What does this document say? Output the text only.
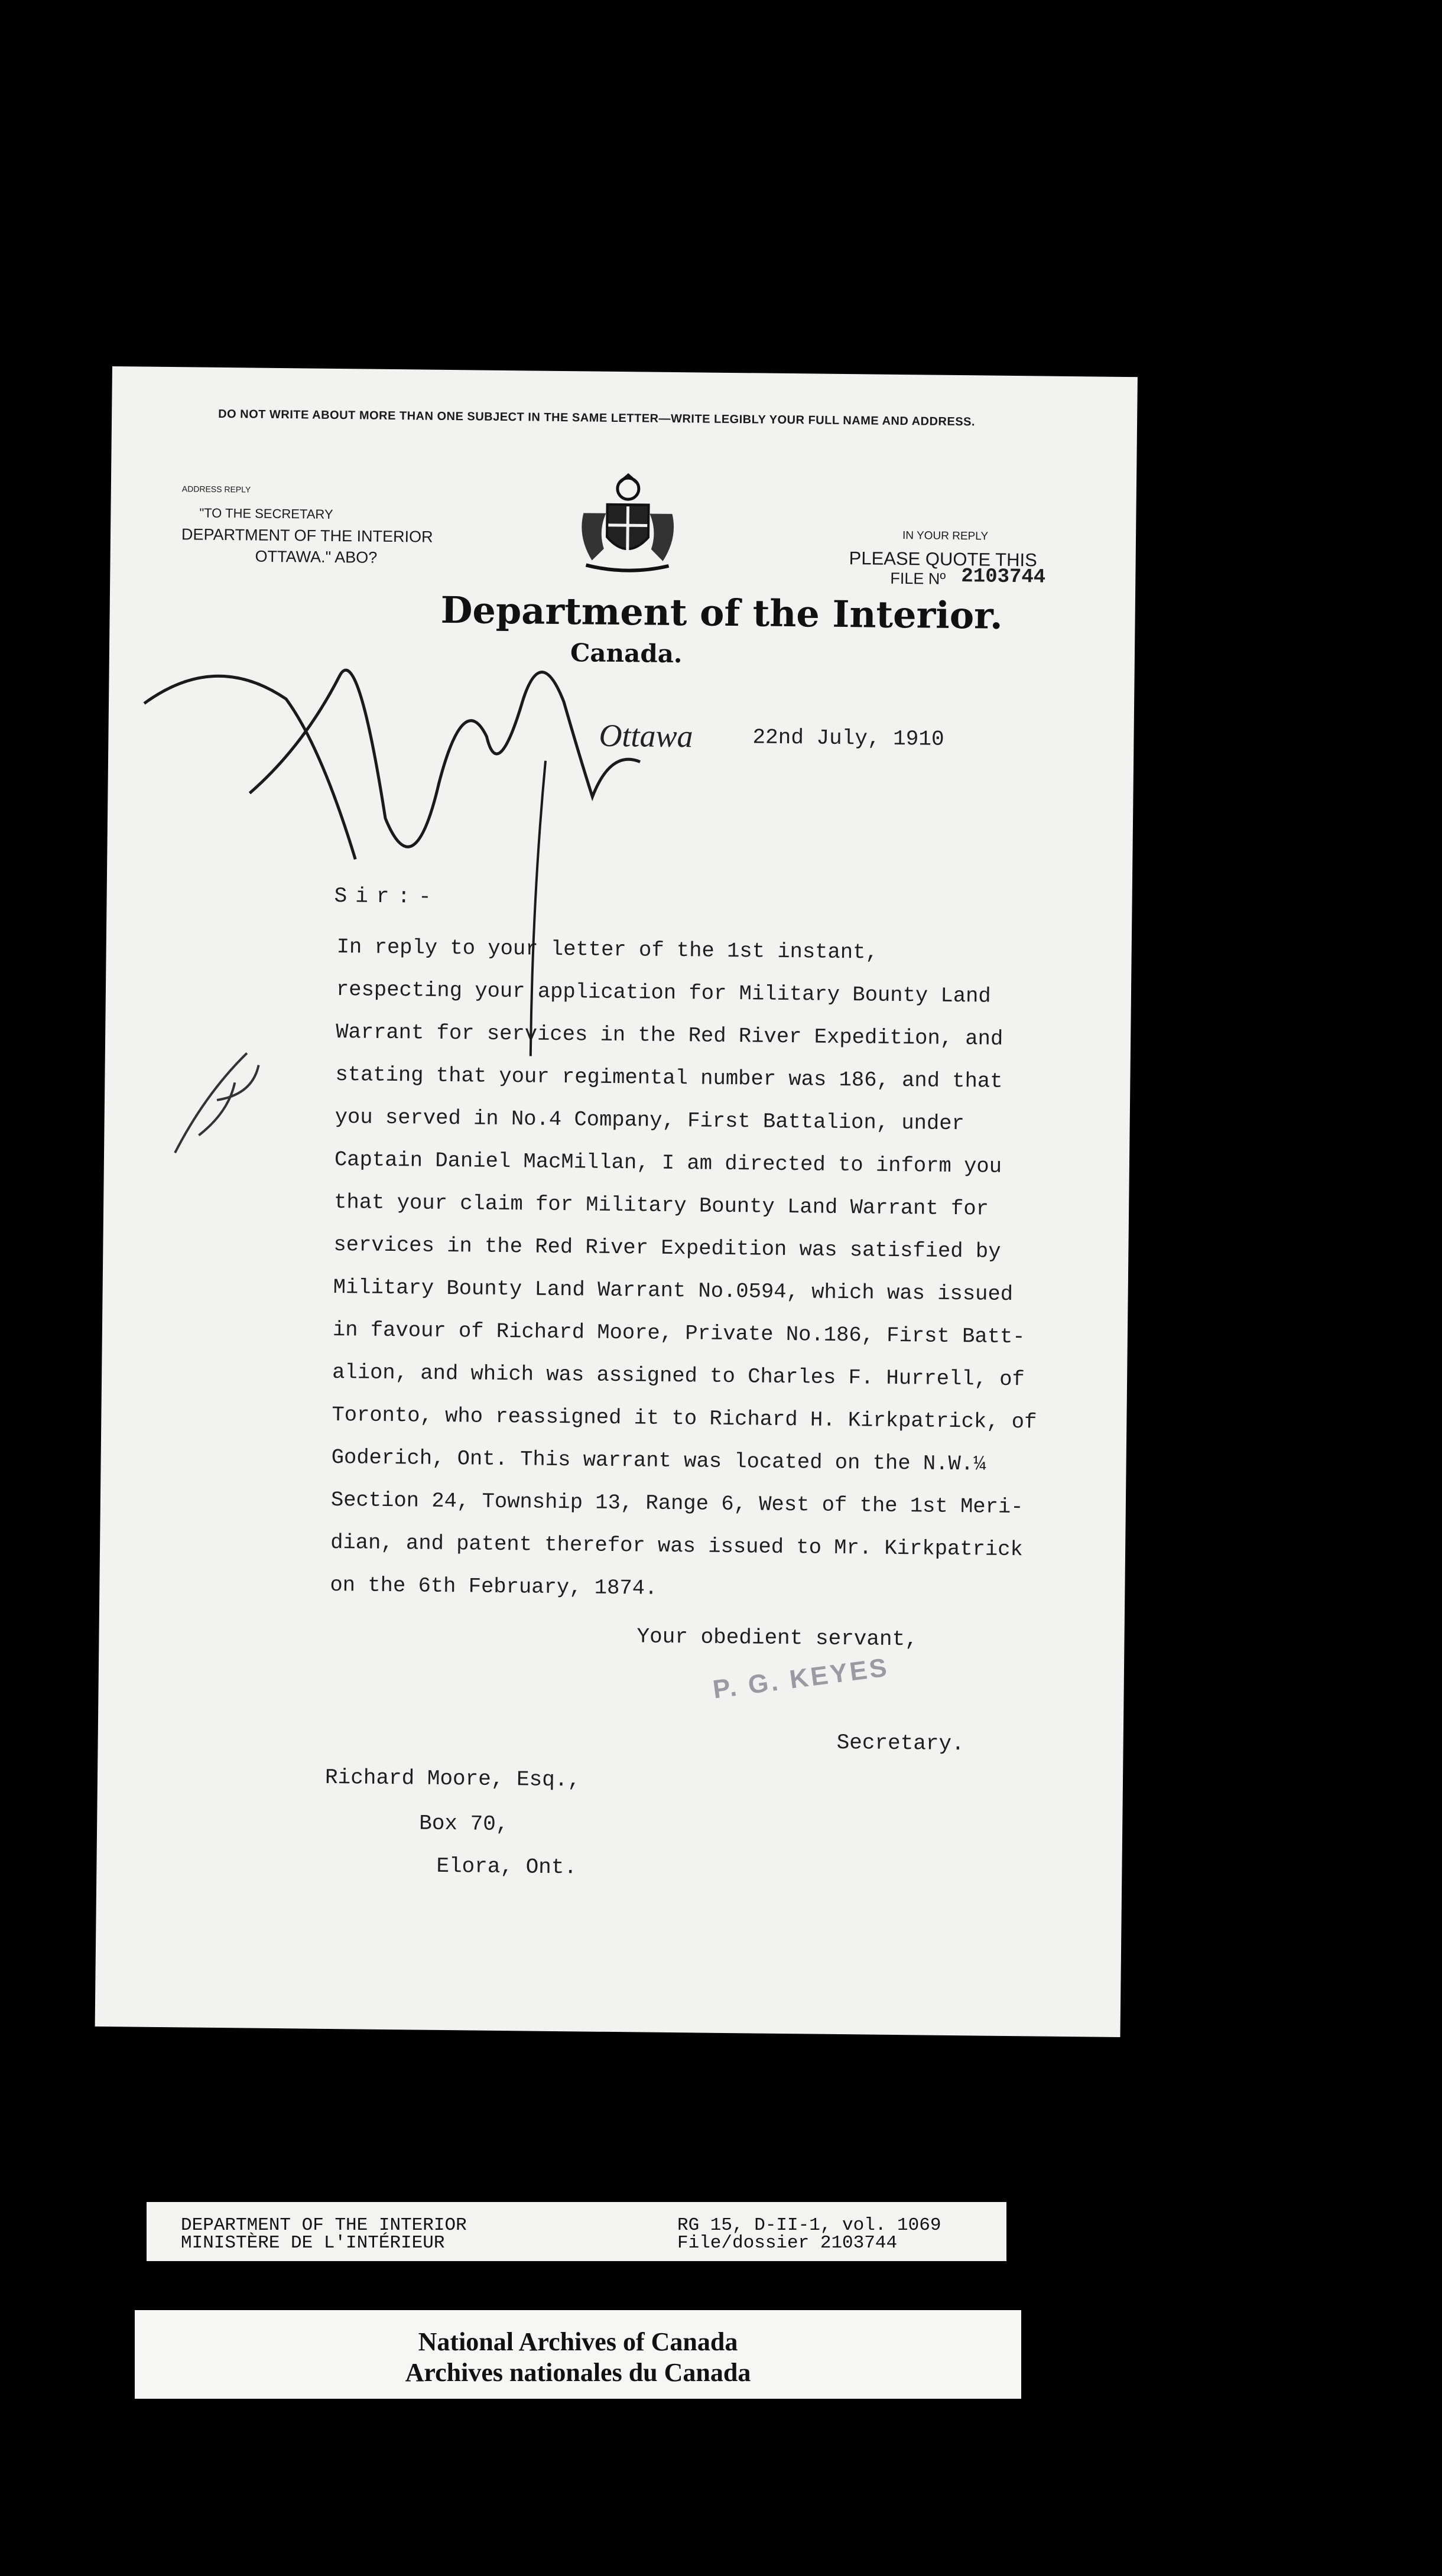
DO NOT WRITE ABOUT MORE THAN ONE SUBJECT IN THE SAME LETTER—WRITE LEGIBLY YOUR FULL NAME AND ADDRESS.

ADDRESS REPLY

"TO THE SECRETARY

DEPARTMENT OF THE INTERIOR

OTTAWA." ABO?

IN YOUR REPLY

PLEASE QUOTE THIS

FILE Nº 2103744

Department of the Interior.

Canada.

Ottawa	22nd July, 1910

Sir:-

In reply to your letter of the 1st instant,
respecting your application for Military Bounty Land
Warrant for services in the Red River Expedition, and
stating that your regimental number was 186, and that
you served in No.4 Company, First Battalion, under
Captain Daniel MacMillan, I am directed to inform you
that your claim for Military Bounty Land Warrant for
services in the Red River Expedition was satisfied by
Military Bounty Land Warrant No.0594, which was issued
in favour of Richard Moore, Private No.186, First Batt-
alion, and which was assigned to Charles F. Hurrell, of
Toronto, who reassigned it to Richard H. Kirkpatrick, of
Goderich, Ont. This warrant was located on the N.W.¼
Section 24, Township 13, Range 6, West of the 1st Meri-
dian, and patent therefor was issued to Mr. Kirkpatrick
on the 6th February, 1874.

Your obedient servant,

P. G. KEYES

Secretary.

Richard Moore, Esq.,

Box 70,

Elora, Ont.

DEPARTMENT OF THE INTERIOR
MINISTÈRE DE L'INTÉRIEUR
RG 15, D-II-1, vol. 1069
File/dossier 2103744
National Archives of Canada
Archives nationales du Canada
